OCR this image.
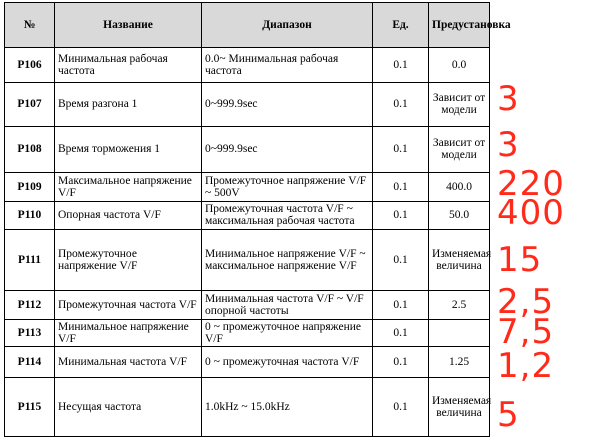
№	Название	Диапазон	Ед.	Предустановка
P106	Минимальная рабочая частота	0.0~ Минимальная рабочая частота	0.1	0.0
P107	Время разгона 1	0~999.9sec	0.1	Зависит от модели
P108	Время торможения 1	0~999.9sec	0.1	Зависит от модели
P109	Максимальное напряжение V/F	Промежуточное напряжение V/F ~ 500V	0.1	400.0
P110	Опорная частота V/F	Промежуточная частота V/F ~ максимальная рабочая частота	0.1	50.0
P111	Промежуточное напряжение V/F	Минимальное напряжение V/F ~ максимальное напряжение V/F	0.1	Изменяемая величина
P112	Промежуточная частота V/F	Минимальная частота V/F ~ V/F опорной частоты	0.1	2.5
P113	Минимальное напряжение V/F	0 ~ промежуточное напряжение V/F	0.1	
P114	Минимальная частота V/F	0 ~ промежуточная частота V/F	0.1	1.25
P115	Несущая частота	1.0kHz ~ 15.0kHz	0.1	Изменяемая величина
3
3
220
400
15
2,5
7,5
1,2
5
